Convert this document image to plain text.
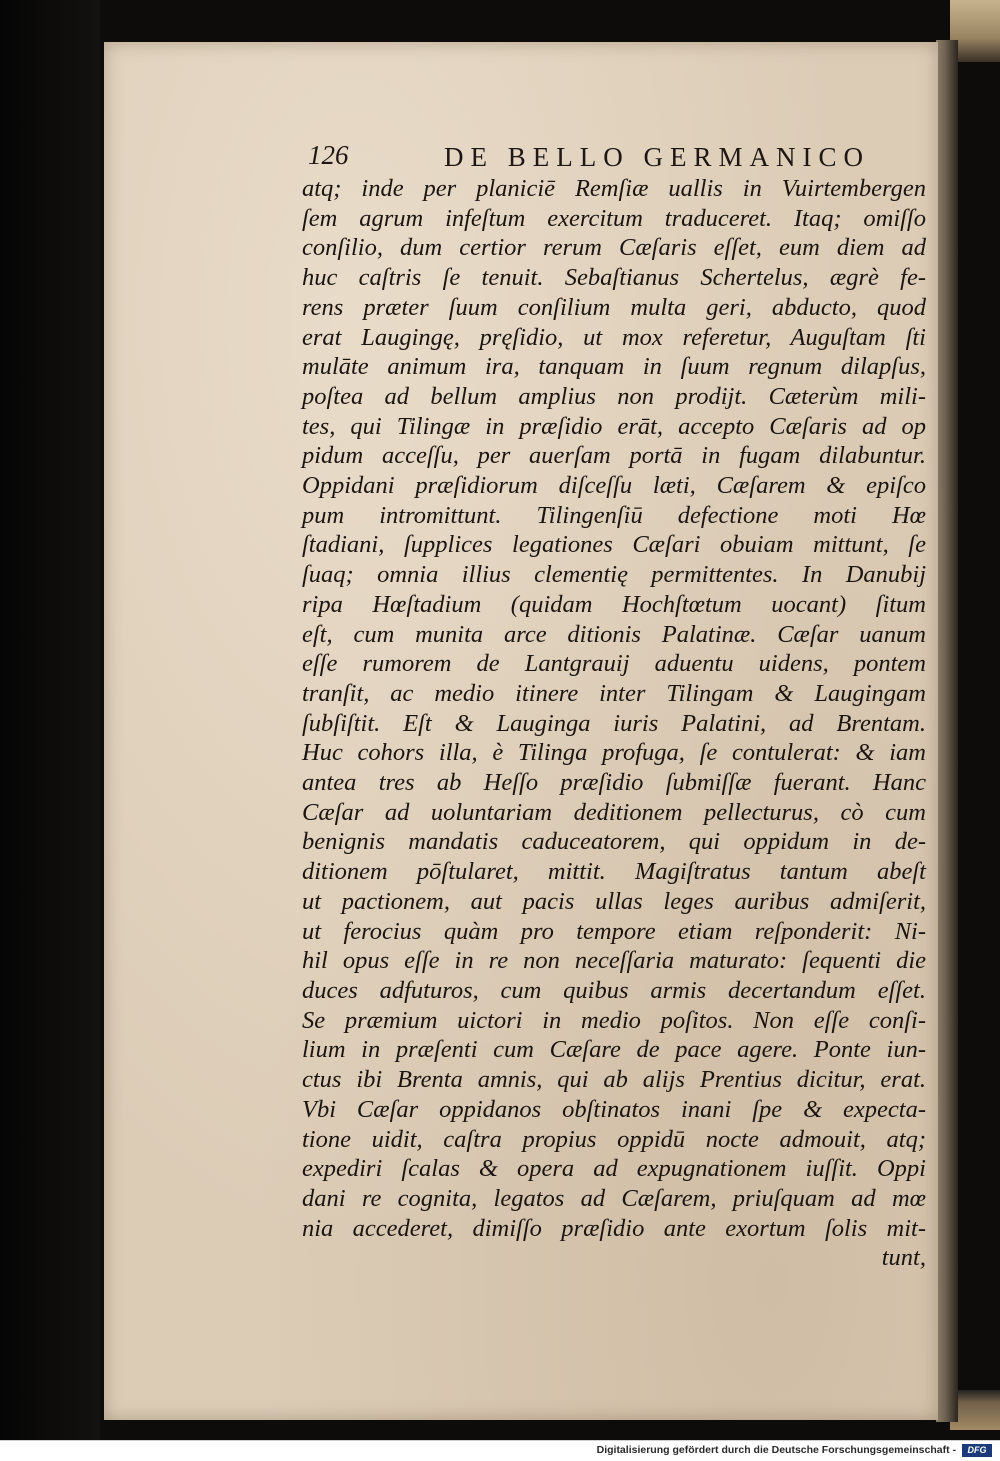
126	DE BELLO GERMANICO
atq; inde per planiciē Remſiæ uallis in Vuirtembergen
ſem agrum infeſtum exercitum traduceret. Itaq; omiſſo
conſilio, dum certior rerum Cæſaris eſſet, eum diem ad
huc caſtris ſe tenuit. Sebaſtianus Schertelus, ægrè fe-
rens præter ſuum conſilium multa geri, abducto, quod
erat Laugingę, pręſidio, ut mox referetur, Auguſtam ſti
mulāte animum ira, tanquam in ſuum regnum dilapſus,
poſtea ad bellum amplius non prodijt. Cæterùm mili-
tes, qui Tilingæ in præſidio erāt, accepto Cæſaris ad op
pidum acceſſu, per auerſam portā in fugam dilabuntur.
Oppidani præſidiorum diſceſſu læti, Cæſarem & epiſco
pum intromittunt. Tilingenſiū defectione moti Hœ
ſtadiani, ſupplices legationes Cæſari obuiam mittunt, ſe
ſuaq; omnia illius clementię permittentes. In Danubij
ripa Hœſtadium (quidam Hochſtœtum uocant) ſitum
eſt, cum munita arce ditionis Palatinæ. Cæſar uanum
eſſe rumorem de Lantgrauij aduentu uidens, pontem
tranſit, ac medio itinere inter Tilingam & Laugingam
ſubſiſtit. Eſt & Lauginga iuris Palatini, ad Brentam.
Huc cohors illa, è Tilinga profuga, ſe contulerat: & iam
antea tres ab Heſſo præſidio ſubmiſſæ fuerant. Hanc
Cæſar ad uoluntariam deditionem pellecturus, cò cum
benignis mandatis caduceatorem, qui oppidum in de-
ditionem pōſtularet, mittit. Magiſtratus tantum abeſt
ut pactionem, aut pacis ullas leges auribus admiſerit,
ut ferocius quàm pro tempore etiam reſponderit: Ni-
hil opus eſſe in re non neceſſaria maturato: ſequenti die
duces adfuturos, cum quibus armis decertandum eſſet.
Se præmium uictori in medio poſitos. Non eſſe conſi-
lium in præſenti cum Cæſare de pace agere. Ponte iun-
ctus ibi Brenta amnis, qui ab alijs Prentius dicitur, erat.
Vbi Cæſar oppidanos obſtinatos inani ſpe & expecta-
tione uidit, caſtra propius oppidū nocte admouit, atq;
expediri ſcalas & opera ad expugnationem iuſſit. Oppi
dani re cognita, legatos ad Cæſarem, priuſquam ad mœ
nia accederet, dimiſſo præſidio ante exortum ſolis mit-
tunt,
Digitalisierung gefördert durch die Deutsche Forschungsgemeinschaft -	DFG
